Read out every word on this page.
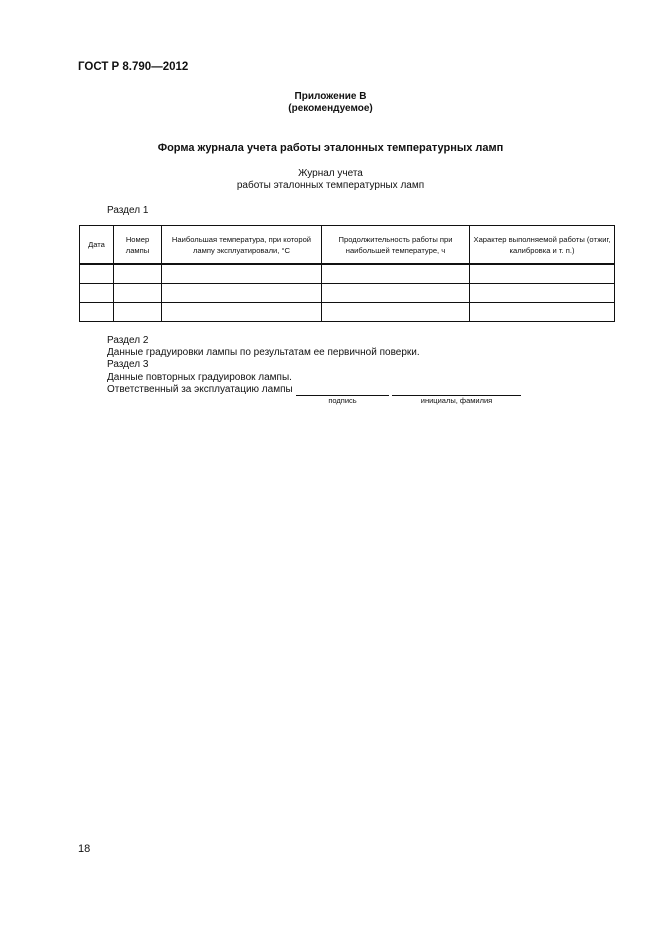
ГОСТ Р 8.790—2012
Приложение В
(рекомендуемое)
Форма журнала учета работы эталонных температурных ламп
Журнал учета
работы эталонных температурных ламп
Раздел 1
Дата	Номер лампы	Наибольшая температура, при которой лампу эксплуатировали, °С	Продолжительность работы при наибольшей температуре, ч	Характер выполняемой работы (отжиг, калибровка и т. п.)

Раздел 2
Данные градуировки лампы по результатам ее первичной поверки.
Раздел 3
Данные повторных градуировок лампы.
Ответственный за эксплуатацию лампы
подпись	инициалы, фамилия
18
